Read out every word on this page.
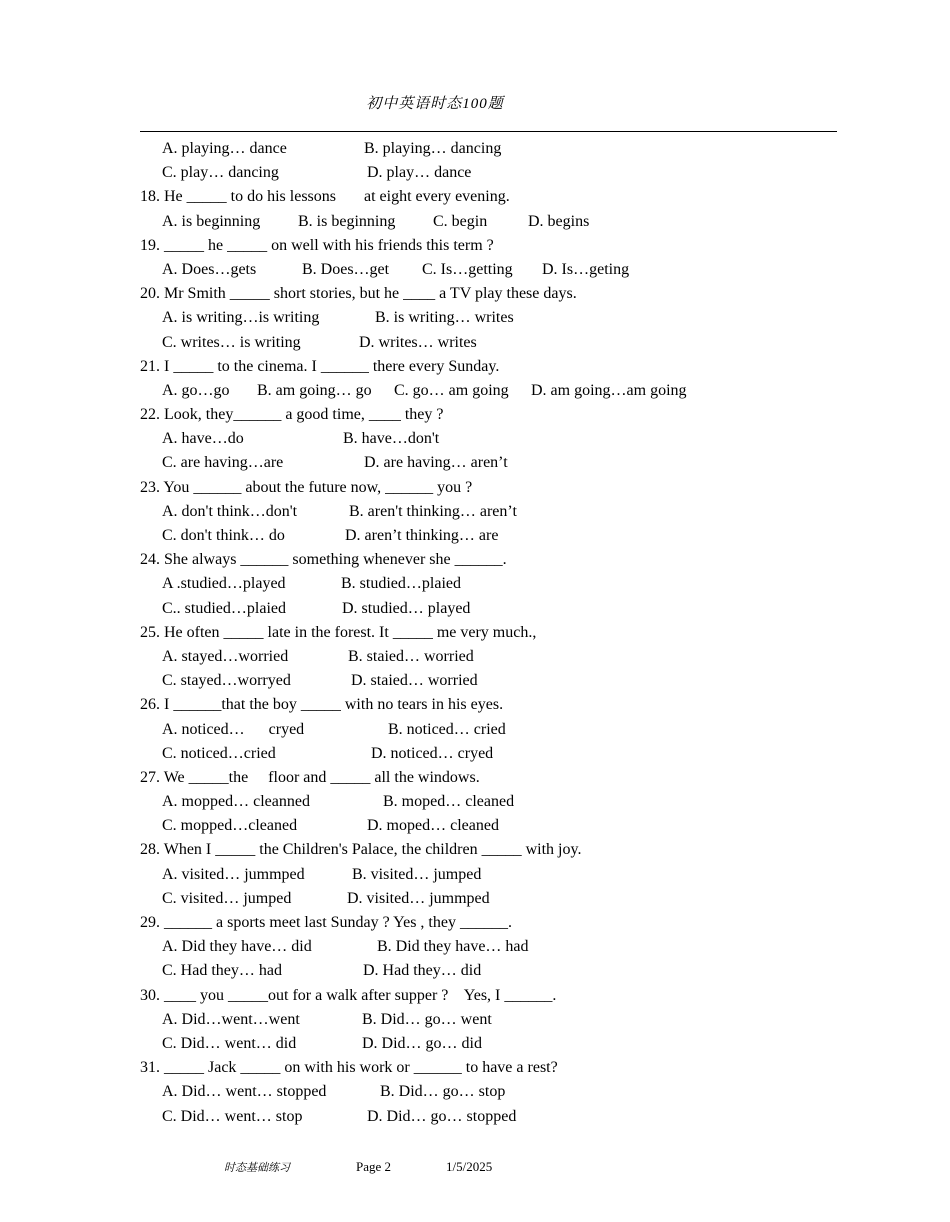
初中英语时态100题
A. playing… dance	B. playing… dancing
C. play… dancing	D. play… dance
18. He _____ to do his lessons       at eight every evening.
A. is beginning B. is beginning C. begin	D. begins
19. _____ he _____ on well with his friends this term ?
A. Does…gets	B. Does…get C. Is…getting D. Is…geting
20. Mr Smith _____ short stories, but he ____ a TV play these days.
A. is writing…is writing	B. is writing… writes
C. writes… is writing	D. writes… writes
21. I _____ to the cinema. I ______ there every Sunday.
A. go…go B. am going… go C. go… am going D. am going…am going
22. Look, they______ a good time, ____ they ?
A. have…do	B. have…don't
C. are having…are	D. are having… aren’t
23. You ______ about the future now, ______ you ?
A. don't think…don't	B. aren't thinking… aren’t
C. don't think… do	D. aren’t thinking… are
24. She always ______ something whenever she ______.
A .studied…played	B. studied…plaied
C.. studied…plaied	D. studied… played
25. He often _____ late in the forest. It _____ me very much.,
A. stayed…worried	B. staied… worried
C. stayed…worryed	D. staied… worried
26. I ______that the boy _____ with no tears in his eyes.
A. noticed…      cryed	B. noticed… cried
C. noticed…cried	D. noticed… cryed
27. We _____the     floor and _____ all the windows.
A. mopped… cleanned	B. moped… cleaned
C. mopped…cleaned	D. moped… cleaned
28. When I _____ the Children's Palace, the children _____ with joy.
A. visited… jummped	B. visited… jumped
C. visited… jumped	D. visited… jummped
29. ______ a sports meet last Sunday ? Yes , they ______.
A. Did they have… did	B. Did they have… had
C. Had they… had	D. Had they… did
30. ____ you _____out for a walk after supper ?    Yes, I ______.
A. Did…went…went	B. Did… go… went
C. Did… went… did	D. Did… go… did
31. _____ Jack _____ on with his work or ______ to have a rest?
A. Did… went… stopped	B. Did… go… stop
C. Did… went… stop	D. Did… go… stopped
时态基础练习	Page 2	1/5/2025
